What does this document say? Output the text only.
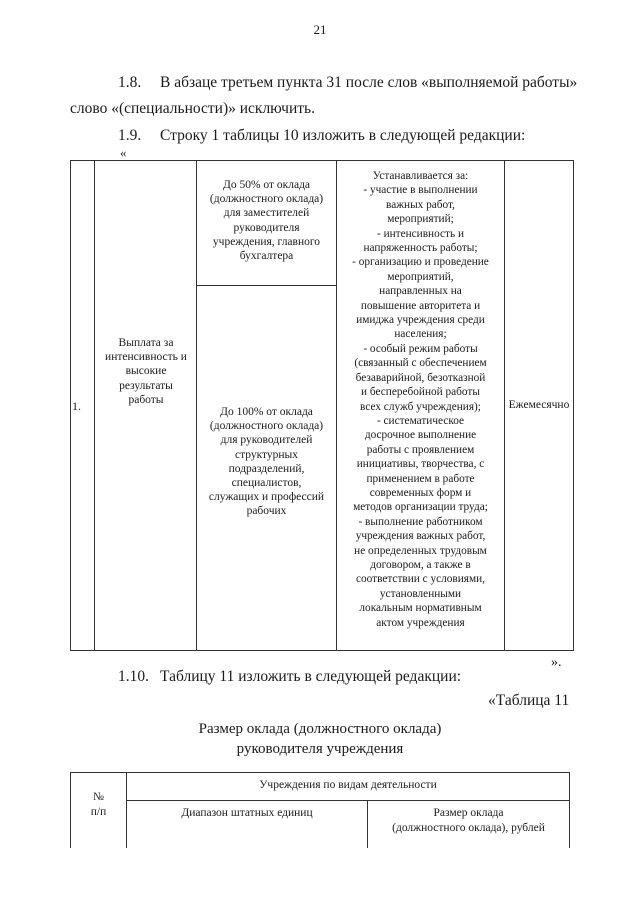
21
1.8. В абзаце третьем пункта 31 после слов «выполняемой работы»
слово «(специальности)» исключить.
1.9. Строку 1 таблицы 10 изложить в следующей редакции:
«
1.
Выплата за
интенсивность и
высокие
результаты
работы
До 50% от оклада
(должностного оклада)
для заместителей
руководителя
учреждения, главного
бухгалтера
До 100% от оклада
(должностного оклада)
для руководителей
структурных
подразделений,
специалистов,
служащих и профессий
рабочих
Устанавливается за:
- участие в выполнении
важных работ,
мероприятий;
- интенсивность и
напряженность работы;
- организацию и проведение
мероприятий,
направленных на
повышение авторитета и
имиджа учреждения среди
населения;
- особый режим работы
(связанный с обеспечением
безаварийной, безотказной
и бесперебойной работы
всех служб учреждения);
- систематическое
досрочное выполнение
работы с проявлением
инициативы, творчества, с
применением в работе
современных форм и
методов организации труда;
- выполнение работником
учреждения важных работ,
не определенных трудовым
договором, а также в
соответствии с условиями,
установленными
локальным нормативным
актом учреждения
Ежемесячно
».
1.10. Таблицу 11 изложить в следующей редакции:
«Таблица 11
Размер оклада (должностного оклада)
руководителя учреждения
№
п/п
Учреждения по видам деятельности
Диапазон штатных единиц	Размер оклада
(должностного оклада), рублей
